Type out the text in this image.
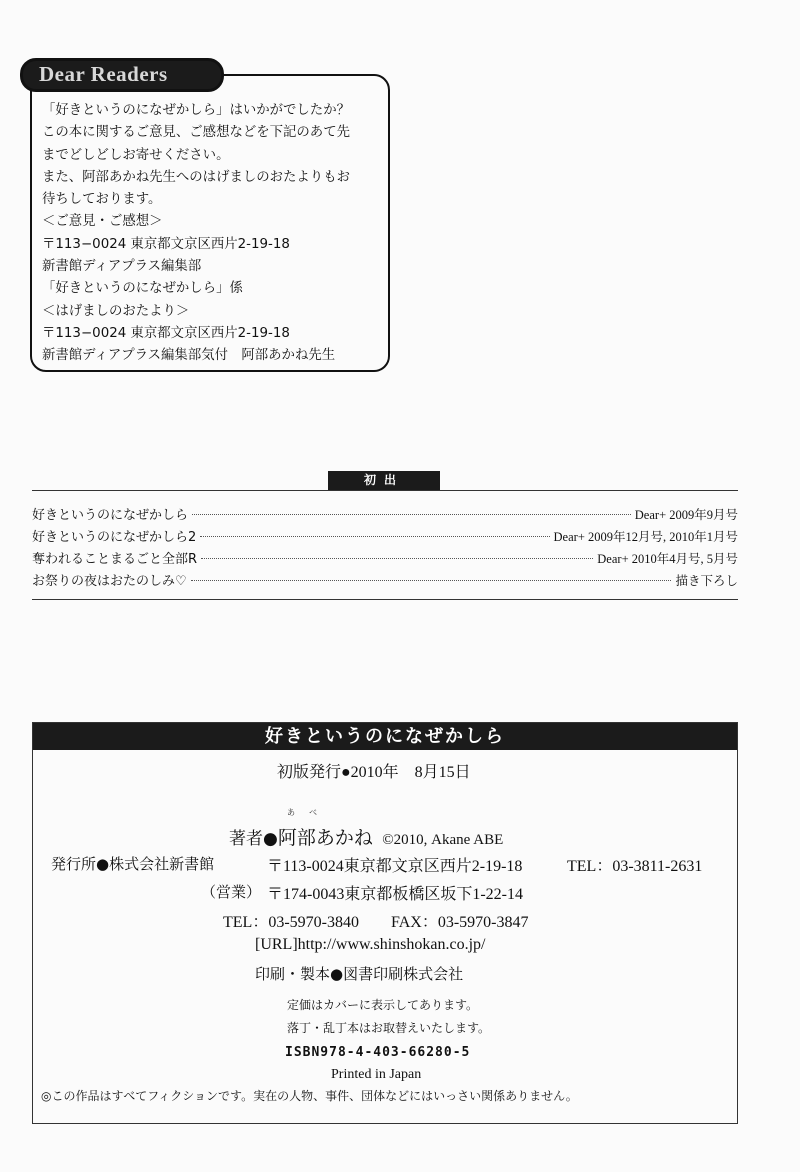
Dear Readers
「好きというのになぜかしら」はいかがでしたか？
この本に関するご意見、ご感想などを下記のあて先
までどしどしお寄せください。
また、阿部あかね先生へのはげましのおたよりもお
待ちしております。
＜ご意見・ご感想＞
〒113−0024 東京都文京区西片2-19-18
新書館ディアプラス編集部
「好きというのになぜかしら」係
＜はげましのおたより＞
〒113−0024 東京都文京区西片2-19-18
新書館ディアプラス編集部気付　阿部あかね先生
初出
好きというのになぜかしら	Dear+ 2009年9月号
好きというのになぜかしら2	Dear+ 2009年12月号, 2010年1月号
奪われることまるごと全部R	Dear+ 2010年4月号, 5月号
お祭りの夜はおたのしみ♡	描き下ろし
好きというのになぜかしら
初版発行●2010年　8月15日
あ べ
著者●阿部あかね ©2010, Akane ABE
発行所●株式会社新書館	〒113-0024東京都文京区西片2-19-18	TEL：03-3811-2631
（営業） 〒174-0043東京都板橋区坂下1-22-14
TEL：03-5970-3840 FAX：03-5970-3847
[URL]http://www.shinshokan.co.jp/
印刷・製本●図書印刷株式会社
定価はカバーに表示してあります。
落丁・乱丁本はお取替えいたします。
ISBN978-4-403-66280-5
Printed in Japan
◎この作品はすべてフィクションです。実在の人物、事件、団体などにはいっさい関係ありません。
